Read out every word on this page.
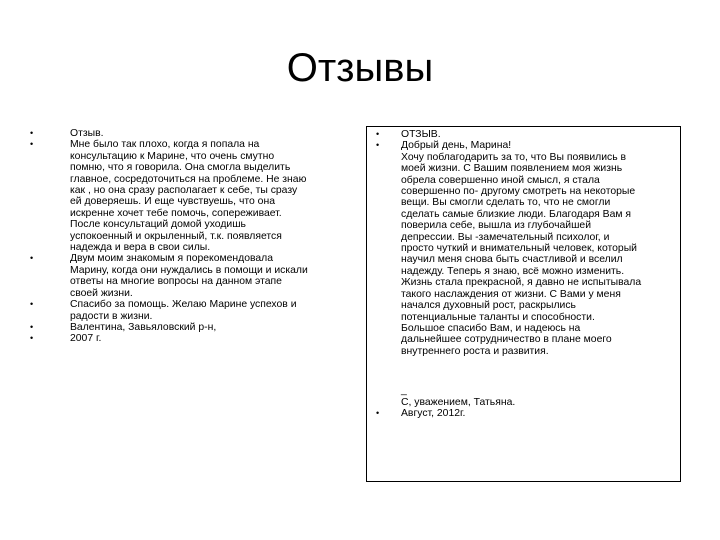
Отзывы
• Отзыв.
• Мне было так плохо, когда я попала на
консультацию к Марине, что очень смутно
помню, что я говорила. Она смогла выделить
главное, сосредоточиться на проблеме. Не знаю
как , но она сразу располагает к себе, ты сразу
ей доверяешь. И еще чувствуешь, что она
искренне хочет тебе помочь, сопереживает.
После консультаций домой уходишь
успокоенный и окрыленный, т.к. появляется
надежда и вера в свои силы.
• Двум моим знакомым я порекомендовала
Марину, когда они нуждались в помощи и искали
ответы на многие вопросы на данном этапе
своей жизни.
• Спасибо за помощь. Желаю Марине успехов и
радости в жизни.
• Валентина, Завьяловский р-н,
• 2007 г.
• ОТЗЫВ.
• Добрый день, Марина!
Хочу поблагодарить за то, что Вы появились в
моей жизни. С Вашим появлением моя жизнь
обрела совершенно иной смысл, я стала
совершенно по- другому смотреть на некоторые
вещи. Вы смогли сделать то, что не смогли
сделать самые близкие люди. Благодаря Вам я
поверила себе, вышла из глубочайшей
депрессии. Вы -замечательный психолог, и
просто чуткий и внимательный человек, который
научил меня снова быть счастливой и вселил
надежду. Теперь я знаю, всё можно изменить.
Жизнь стала прекрасной, я давно не испытывала
такого наслаждения от жизни. С Вами у меня
начался духовный рост, раскрылись
потенциальные таланты и способности.
Большое спасибо Вам, и надеюсь на
дальнейшее сотрудничество в плане моего
внутреннего роста и развития.
_
С, уважением, Татьяна.
• Август, 2012г.
